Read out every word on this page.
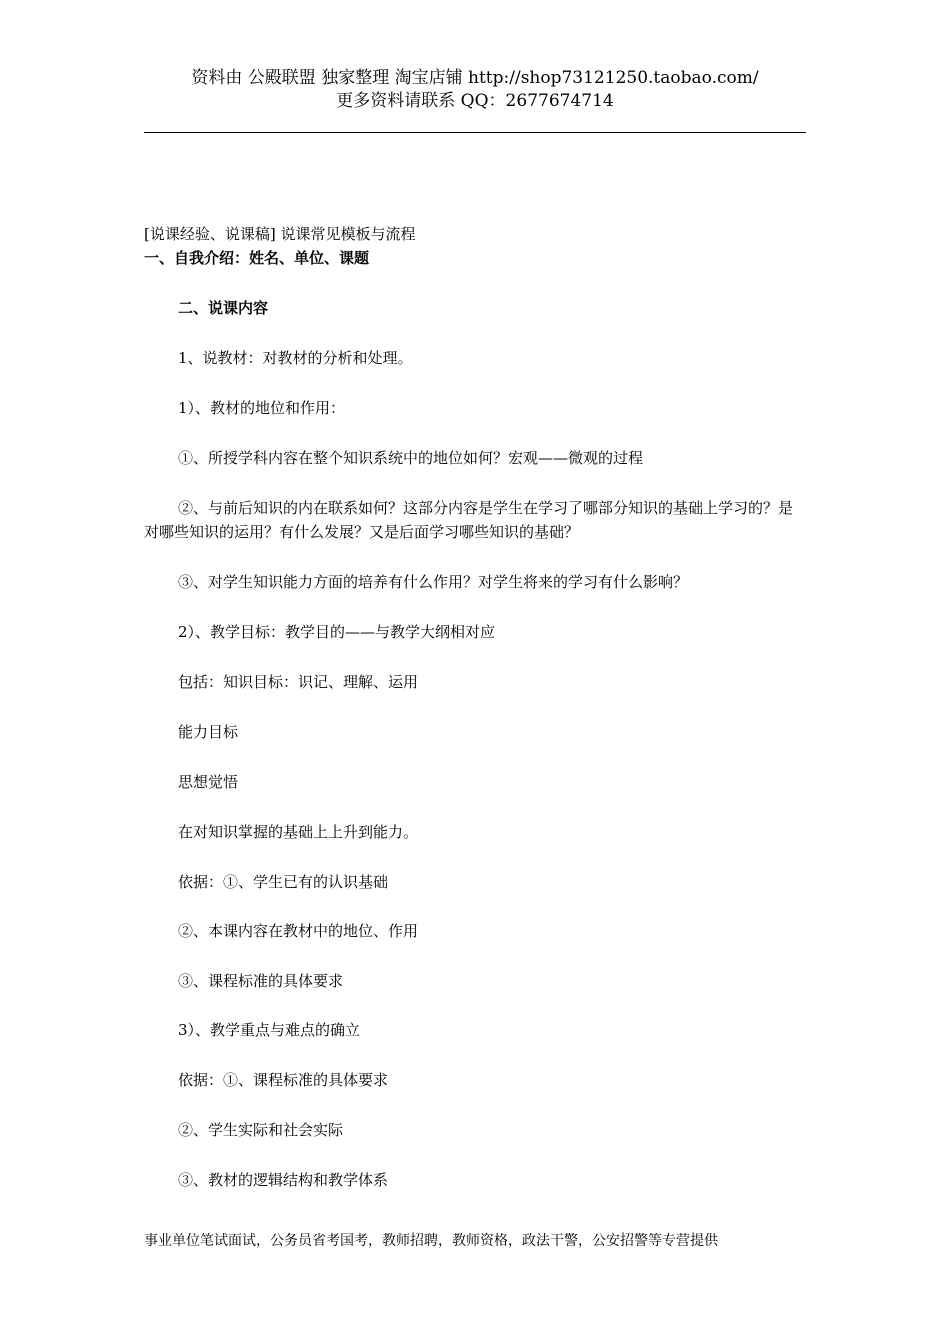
资料由 公殿联盟 独家整理 淘宝店铺 http://shop73121250.taobao.com/
更多资料请联系 QQ：2677674714
[说课经验、说课稿] 说课常见模板与流程
一、自我介绍：姓名、单位、课题
二、说课内容
1、说教材：对教材的分析和处理。
1）、教材的地位和作用：
①、所授学科内容在整个知识系统中的地位如何？宏观——微观的过程
②、与前后知识的内在联系如何？这部分内容是学生在学习了哪部分知识的基础上学习的？是对哪些知识的运用？有什么发展？又是后面学习哪些知识的基础？
③、对学生知识能力方面的培养有什么作用？对学生将来的学习有什么影响？
2）、教学目标：教学目的——与教学大纲相对应
包括：知识目标：识记、理解、运用
能力目标
思想觉悟
在对知识掌握的基础上上升到能力。
依据：①、学生已有的认识基础
②、本课内容在教材中的地位、作用
③、课程标准的具体要求
3）、教学重点与难点的确立
依据：①、课程标准的具体要求
②、学生实际和社会实际
③、教材的逻辑结构和教学体系
事业单位笔试面试，公务员省考国考，教师招聘，教师资格，政法干警，公安招警等专营提供
